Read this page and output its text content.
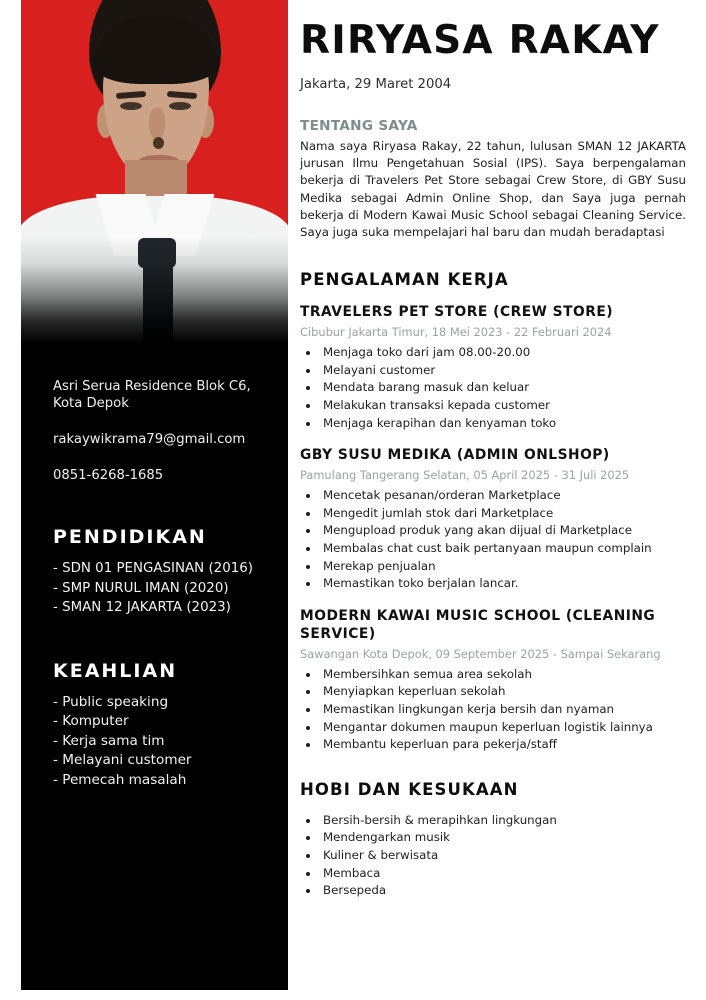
Asri Serua Residence Blok C6, Kota Depok

rakaywikrama79@gmail.com

0851-6268-1685

PENDIDIKAN
- SDN 01 PENGASINAN (2016)
- SMP NURUL IMAN (2020)
- SMAN 12 JAKARTA (2023)
KEAHLIAN
- Public speaking
- Komputer
- Kerja sama tim
- Melayani customer
- Pemecah masalah
RIRYASA RAKAY

Jakarta, 29 Maret 2004

TENTANG SAYA

Nama saya Riryasa Rakay, 22 tahun, lulusan SMAN 12 JAKARTA jurusan Ilmu Pengetahuan Sosial (IPS). Saya berpengalaman bekerja di Travelers Pet Store sebagai Crew Store, di GBY Susu Medika sebagai Admin Online Shop, dan Saya juga pernah bekerja di Modern Kawai Music School sebagai Cleaning Service. Saya juga suka mempelajari hal baru dan mudah beradaptasi

PENGALAMAN KERJA

TRAVELERS PET STORE (CREW STORE)

Cibubur Jakarta Timur, 18 Mei 2023 - 22 Februari 2024

• Menjaga toko dari jam 08.00-20.00
• Melayani customer
• Mendata barang masuk dan keluar
• Melakukan transaksi kepada customer
• Menjaga kerapihan dan kenyaman toko

GBY SUSU MEDIKA (ADMIN ONLSHOP)

Pamulang Tangerang Selatan, 05 April 2025 - 31 Juli 2025

• Mencetak pesanan/orderan Marketplace
• Mengedit jumlah stok dari Marketplace
• Mengupload produk yang akan dijual di Marketplace
• Membalas chat cust baik pertanyaan maupun complain
• Merekap penjualan
• Memastikan toko berjalan lancar.

MODERN KAWAI MUSIC SCHOOL (CLEANING SERVICE)

Sawangan Kota Depok, 09 September 2025 - Sampai Sekarang

• Membersihkan semua area sekolah
• Menyiapkan keperluan sekolah
• Memastikan lingkungan kerja bersih dan nyaman
• Mengantar dokumen maupun keperluan logistik lainnya
• Membantu keperluan para pekerja/staff
HOBI DAN KESUKAAN
• Bersih-bersih & merapihkan lingkungan
• Mendengarkan musik
• Kuliner & berwisata
• Membaca
• Bersepeda
